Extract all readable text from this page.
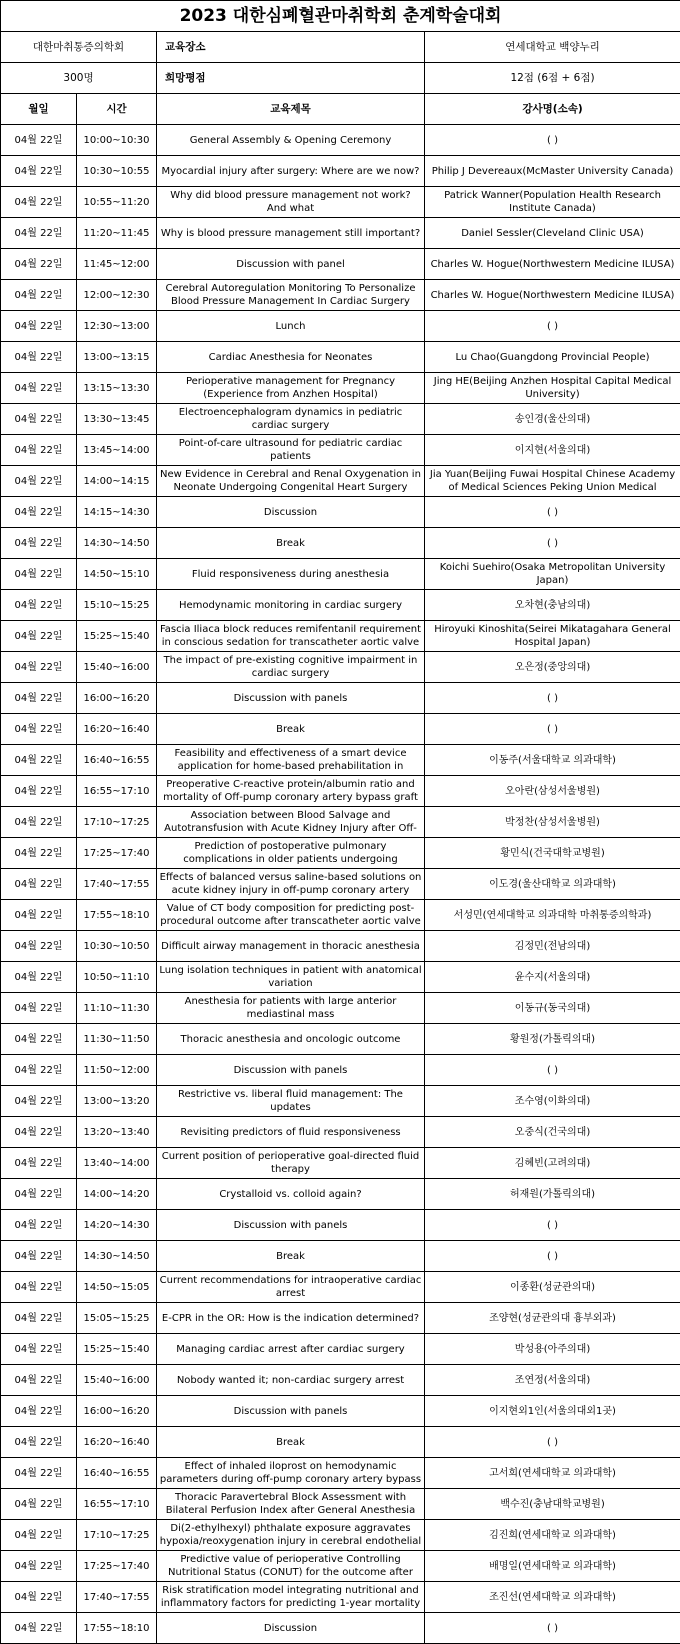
2023 대한심폐혈관마취학회 춘계학술대회			
대한마취통증의학회		교육장소	연세대학교 백양누리
300명		희망평점	12점 (6점 + 6점)
월일	시간	교육제목	강사명(소속)

04월 22일	10:00~10:30	General Assembly & Opening Ceremony	( )

04월 22일	10:30~10:55	Myocardial injury after surgery: Where are we now?	Philip J Devereaux(McMaster University Canada)

04월 22일	10:55~11:20	Why did blood pressure management not work? And what	Patrick Wanner(Population Health Research Institute Canada)

04월 22일	11:20~11:45	Why is blood pressure management still important?	Daniel Sessler(Cleveland Clinic USA)

04월 22일	11:45~12:00	Discussion with panel	Charles W. Hogue(Northwestern Medicine ILUSA)

04월 22일	12:00~12:30	Cerebral Autoregulation Monitoring To Personalize Blood Pressure Management In Cardiac Surgery	Charles W. Hogue(Northwestern Medicine ILUSA)

04월 22일	12:30~13:00	Lunch	( )

04월 22일	13:00~13:15	Cardiac Anesthesia for Neonates	Lu Chao(Guangdong Provincial People)

04월 22일	13:15~13:30	Perioperative management for Pregnancy (Experience from Anzhen Hospital)	Jing HE(Beijing Anzhen Hospital Capital Medical University)

04월 22일	13:30~13:45	Electroencephalogram dynamics in pediatric cardiac surgery	송인경(울산의대)

04월 22일	13:45~14:00	Point-of-care ultrasound for pediatric cardiac patients	이지현(서울의대)

04월 22일	14:00~14:15	New Evidence in Cerebral and Renal Oxygenation in Neonate Undergoing Congenital Heart Surgery	Jia Yuan(Beijing Fuwai Hospital Chinese Academy of Medical Sciences Peking Union Medical

04월 22일	14:15~14:30	Discussion	( )

04월 22일	14:30~14:50	Break	( )

04월 22일	14:50~15:10	Fluid responsiveness during anesthesia	Koichi Suehiro(Osaka Metropolitan University Japan)

04월 22일	15:10~15:25	Hemodynamic monitoring in cardiac surgery	오차현(충남의대)

04월 22일	15:25~15:40	Fascia Iliaca block reduces remifentanil requirement in conscious sedation for transcatheter aortic valve	Hiroyuki Kinoshita(Seirei Mikatagahara General Hospital Japan)

04월 22일	15:40~16:00	The impact of pre-existing cognitive impairment in cardiac surgery	오은정(중앙의대)

04월 22일	16:00~16:20	Discussion with panels	( )

04월 22일	16:20~16:40	Break	( )

04월 22일	16:40~16:55	Feasibility and effectiveness of a smart device application for home-based prehabilitation in	이동주(서울대학교 의과대학)

04월 22일	16:55~17:10	Preoperative C-reactive protein/albumin ratio and mortality of Off-pump coronary artery bypass graft	오아란(삼성서울병원)

04월 22일	17:10~17:25	Association between Blood Salvage and Autotransfusion with Acute Kidney Injury after Off-	박정찬(삼성서울병원)

04월 22일	17:25~17:40	Prediction of postoperative pulmonary complications in older patients undergoing	황민식(건국대학교병원)

04월 22일	17:40~17:55	Effects of balanced versus saline-based solutions on acute kidney injury in off-pump coronary artery	이도경(울산대학교 의과대학)

04월 22일	17:55~18:10	Value of CT body composition for predicting post-procedural outcome after transcatheter aortic valve	서성민(연세대학교 의과대학 마취통증의학과)

04월 22일	10:30~10:50	Difficult airway management in thoracic anesthesia	김정민(전남의대)

04월 22일	10:50~11:10	Lung isolation techniques in patient with anatomical variation	윤수지(서울의대)

04월 22일	11:10~11:30	Anesthesia for patients with large anterior mediastinal mass	이동규(동국의대)

04월 22일	11:30~11:50	Thoracic anesthesia and oncologic outcome	황원정(가톨릭의대)

04월 22일	11:50~12:00	Discussion with panels	( )

04월 22일	13:00~13:20	Restrictive vs. liberal fluid management: The updates	조수영(이화의대)

04월 22일	13:20~13:40	Revisiting predictors of fluid responsiveness	오중식(건국의대)

04월 22일	13:40~14:00	Current position of perioperative goal-directed fluid therapy	김혜빈(고려의대)

04월 22일	14:00~14:20	Crystalloid vs. colloid again?	허재원(가톨릭의대)

04월 22일	14:20~14:30	Discussion with panels	( )

04월 22일	14:30~14:50	Break	( )

04월 22일	14:50~15:05	Current recommendations for intraoperative cardiac arrest	이종환(성균관의대)

04월 22일	15:05~15:25	E-CPR in the OR: How is the indication determined?	조양현(성균관의대 흉부외과)

04월 22일	15:25~15:40	Managing cardiac arrest after cardiac surgery	박성용(아주의대)

04월 22일	15:40~16:00	Nobody wanted it; non-cardiac surgery arrest	조연정(서울의대)

04월 22일	16:00~16:20	Discussion with panels	이지현외1인(서울의대외1곳)

04월 22일	16:20~16:40	Break	( )

04월 22일	16:40~16:55	Effect of inhaled iloprost on hemodynamic parameters during off-pump coronary artery bypass	고서희(연세대학교 의과대학)

04월 22일	16:55~17:10	Thoracic Paravertebral Block Assessment with Bilateral Perfusion Index after General Anesthesia	백수진(충남대학교병원)

04월 22일	17:10~17:25	Di(2-ethylhexyl) phthalate exposure aggravates hypoxia/reoxygenation injury in cerebral endothelial	김진희(연세대학교 의과대학)

04월 22일	17:25~17:40	Predictive value of perioperative Controlling Nutritional Status (CONUT) for the outcome after	배명일(연세대학교 의과대학)

04월 22일	17:40~17:55	Risk stratification model integrating nutritional and inflammatory factors for predicting 1-year mortality	조진선(연세대학교 의과대학)

04월 22일	17:55~18:10	Discussion	( )
